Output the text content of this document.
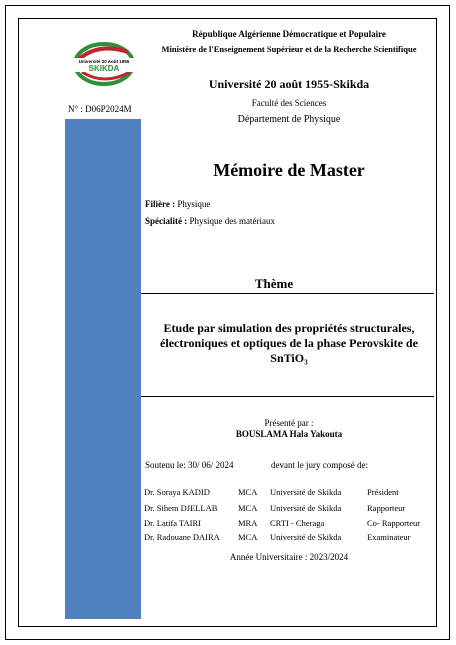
Université 20 Août 1955
SKIKDA
République Algérienne Démocratique et Populaire
Ministère de l'Enseignement Supérieur et de la Recherche Scientifique
Université 20 août 1955-Skikda
Faculté des Sciences
Département de Physique
N° : D06P2024M
Mémoire de Master
Filière : Physique
Spécialité : Physique des matériaux
Thème
Etude par simulation des propriétés structurales,
électroniques et optiques de la phase Perovskite de
SnTiO₃
Présenté par :
BOUSLAMA Hala Yakouta
Soutenu le: 30/ 06/ 2024	devant le jury composé de:
Dr. Soraya KADID	MCA	Université de Skikda	Président
Dr. Sihem DJELLAB	MCA	Université de Skikda	Rapporteur
Dr. Latifa TAIRI	MRA	CRTI - Cheraga	Co- Rapporteur
Dr. Radouane DAIRA	MCA	Université de Skikda	Examinateur
Année Universitaire : 2023/2024
